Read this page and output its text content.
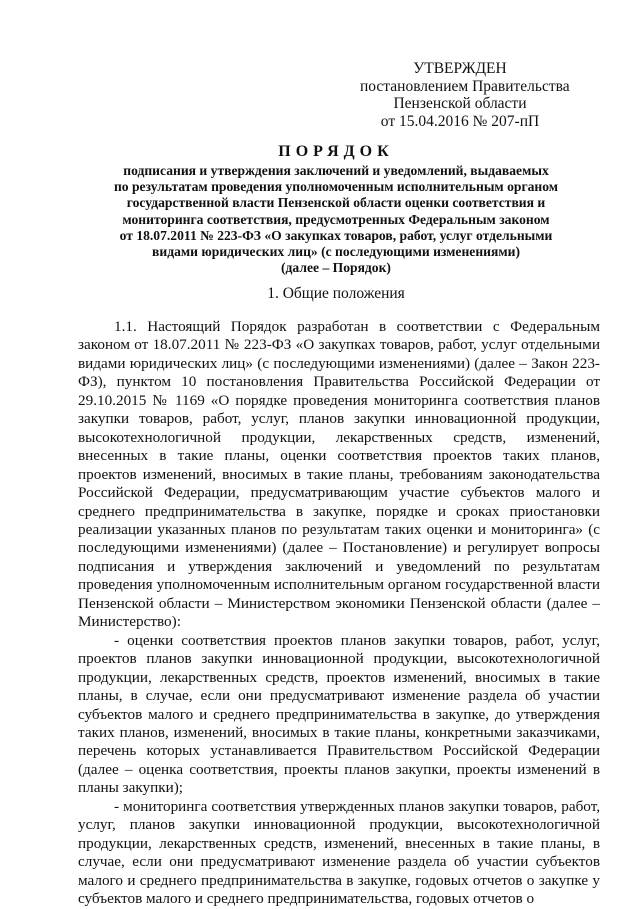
УТВЕРЖДЕН
постановлением Правительства
Пензенской области
от 15.04.2016 № 207-пП
ПОРЯДОК
подписания и утверждения заключений и уведомлений, выдаваемых
по результатам проведения уполномоченным исполнительным органом
государственной власти Пензенской области оценки соответствия и
мониторинга соответствия, предусмотренных Федеральным законом
от 18.07.2011 № 223-ФЗ «О закупках товаров, работ, услуг отдельными
видами юридических лиц» (с последующими изменениями)
(далее – Порядок)
1. Общие положения

1.1. Настоящий Порядок разработан в соответствии с Федеральным законом от 18.07.2011 № 223-ФЗ «О закупках товаров, работ, услуг отдельными видами юридических лиц» (с последующими изменениями) (далее – Закон 223-ФЗ), пунктом 10 постановления Правительства Российской Федерации от 29.10.2015 № 1169 «О порядке проведения мониторинга соответствия планов закупки товаров, работ, услуг, планов закупки инновационной продукции, высокотехнологичной продукции, лекарственных средств, изменений, внесенных в такие планы, оценки соответствия проектов таких планов, проектов изменений, вносимых в такие планы, требованиям законодательства Российской Федерации, предусматривающим участие субъектов малого и среднего предпринимательства в закупке, порядке и сроках приостановки реализации указанных планов по результатам таких оценки и мониторинга» (с последующими изменениями) (далее – Постановление) и регулирует вопросы подписания и утверждения заключений и уведомлений по результатам проведения уполномоченным исполнительным органом государственной власти Пензенской области – Министерством экономики Пензенской области (далее – Министерство):

- оценки соответствия проектов планов закупки товаров, работ, услуг, проектов планов закупки инновационной продукции, высокотехнологичной продукции, лекарственных средств, проектов изменений, вносимых в такие планы, в случае, если они предусматривают изменение раздела об участии субъектов малого и среднего предпринимательства в закупке, до утверждения таких планов, изменений, вносимых в такие планы, конкретными заказчиками, перечень которых устанавливается Правительством Российской Федерации (далее – оценка соответствия, проекты планов закупки, проекты изменений в планы закупки);

- мониторинга соответствия утвержденных планов закупки товаров, работ, услуг, планов закупки инновационной продукции, высокотехнологичной продукции, лекарственных средств, изменений, внесенных в такие планы, в случае, если они предусматривают изменение раздела об участии субъектов малого и среднего предпринимательства в закупке, годовых отчетов о закупке у субъектов малого и среднего предпринимательства, годовых отчетов о
